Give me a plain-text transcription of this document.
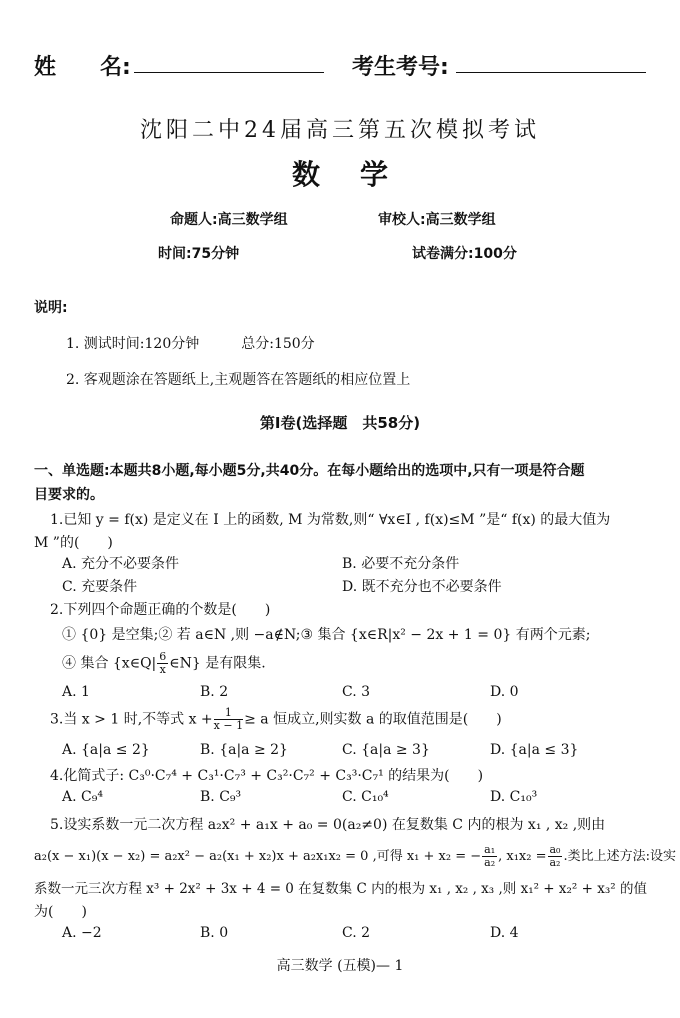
姓　　名:	考生考号:
沈阳二中24届高三第五次模拟考试
数学
命题人:高三数学组	审校人:高三数学组
时间:75分钟	试卷满分:100分
说明:
1. 测试时间:120分钟　　　总分:150分
2. 客观题涂在答题纸上,主观题答在答题纸的相应位置上
第Ⅰ卷(选择题　共58分)
一、单选题:本题共8小题,每小题5分,共40分。在每小题给出的选项中,只有一项是符合题
目要求的。
1.已知 y = f(x) 是定义在 I 上的函数, M 为常数,则“ ∀x∈I , f(x)≤M ”是“ f(x) 的最大值为
M ”的(　　)
A. 充分不必要条件	B. 必要不充分条件
C. 充要条件	D. 既不充分也不必要条件
2.下列四个命题正确的个数是(　　)
① {0} 是空集;② 若 a∈N ,则 −a∉N;③ 集合 {x∈R|x² − 2x + 1 = 0} 有两个元素;
④ 集合 {x∈Q| $\frac{6}{x}$ ∈N} 是有限集.
A. 1	B. 2	C. 3	D. 0
3.当 x > 1 时,不等式 $x + \frac{1}{x - 1} \ge a$ 恒成立,则实数 a 的取值范围是(　　)
A. {a|a ≤ 2}	B. {a|a ≥ 2}	C. {a|a ≥ 3}	D. {a|a ≤ 3}
4.化简式子: C₃⁰·C₇⁴ + C₃¹·C₇³ + C₃²·C₇² + C₃³·C₇¹ 的结果为(　　)
A. C₉⁴	B. C₉³	C. C₁₀⁴	D. C₁₀³
5.设实系数一元二次方程 a₂x² + a₁x + a₀ = 0(a₂≠0) 在复数集 C 内的根为 x₁ , x₂ ,则由
a₂(x − x₁)(x − x₂) = a₂x² − a₂(x₁ + x₂)x + a₂x₁x₂ = 0 ,可得 x₁ + x₂ = − $\frac{\text{a₁}}{\text{a₂}}$ , $x_1x_2 = \frac{\text{a₀}}{\text{a₂}}$ .类比上述方法:设实
系数一元三次方程 x³ + 2x² + 3x + 4 = 0 在复数集 C 内的根为 x₁ , x₂ , x₃ ,则 x₁² + x₂² + x₃² 的值
为(　　)
A. −2	B. 0	C. 2	D. 4
高三数学 (五模)— 1
